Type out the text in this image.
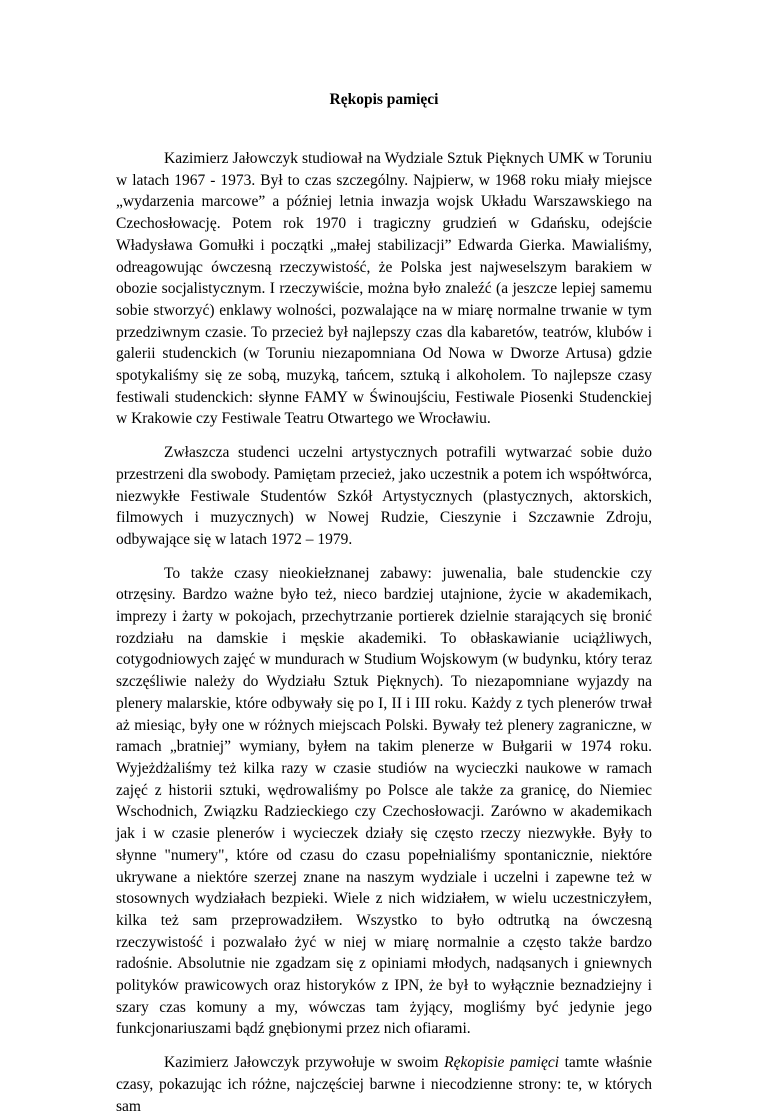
Rękopis pamięci

Kazimierz Jałowczyk studiował na Wydziale Sztuk Pięknych UMK w Toruniu w latach 1967 - 1973. Był to czas szczególny. Najpierw, w 1968 roku miały miejsce „wydarzenia marcowe” a później letnia inwazja wojsk Układu Warszawskiego na Czechosłowację. Potem rok 1970 i tragiczny grudzień w Gdańsku, odejście Władysława Gomułki i początki „małej stabilizacji” Edwarda Gierka. Mawialiśmy, odreagowując ówczesną rzeczywistość, że Polska jest najweselszym barakiem w obozie socjalistycznym. I rzeczywiście, można było znaleźć (a jeszcze lepiej samemu sobie stworzyć) enklawy wolności, pozwalające na w miarę normalne trwanie w tym przedziwnym czasie. To przecież był najlepszy czas dla kabaretów, teatrów, klubów i galerii studenckich (w Toruniu niezapomniana Od Nowa w Dworze Artusa) gdzie spotykaliśmy się ze sobą, muzyką, tańcem, sztuką i alkoholem. To najlepsze czasy festiwali studenckich: słynne FAMY w Świnoujściu, Festiwale Piosenki Studenckiej w Krakowie czy Festiwale Teatru Otwartego we Wrocławiu.

Zwłaszcza studenci uczelni artystycznych potrafili wytwarzać sobie dużo przestrzeni dla swobody. Pamiętam przecież, jako uczestnik a potem ich współtwórca, niezwykłe Festiwale Studentów Szkół Artystycznych (plastycznych, aktorskich, filmowych i muzycznych) w Nowej Rudzie, Cieszynie i Szczawnie Zdroju, odbywające się w latach 1972 – 1979.

To także czasy nieokiełznanej zabawy: juwenalia, bale studenckie czy otrzęsiny. Bardzo ważne było też, nieco bardziej utajnione, życie w akademikach, imprezy i żarty w pokojach, przechytrzanie portierek dzielnie starających się bronić rozdziału na damskie i męskie akademiki. To obłaskawianie uciążliwych, cotygodniowych zajęć w mundurach w Studium Wojskowym (w budynku, który teraz szczęśliwie należy do Wydziału Sztuk Pięknych). To niezapomniane wyjazdy na plenery malarskie, które odbywały się po I, II i III roku. Każdy z tych plenerów trwał aż miesiąc, były one w różnych miejscach Polski. Bywały też plenery zagraniczne, w ramach „bratniej” wymiany, byłem na takim plenerze w Bułgarii w 1974 roku. Wyjeżdżaliśmy też kilka razy w czasie studiów na wycieczki naukowe w ramach zajęć z historii sztuki, wędrowaliśmy po Polsce ale także za granicę, do Niemiec Wschodnich, Związku Radzieckiego czy Czechosłowacji. Zarówno w akademikach jak i w czasie plenerów i wycieczek działy się często rzeczy niezwykłe. Były to słynne "numery", które od czasu do czasu popełnialiśmy spontanicznie, niektóre ukrywane a niektóre szerzej znane na naszym wydziale i uczelni i zapewne też w stosownych wydziałach bezpieki. Wiele z nich widziałem, w wielu uczestniczyłem, kilka też sam przeprowadziłem. Wszystko to było odtrutką na ówczesną rzeczywistość i pozwalało żyć w niej w miarę normalnie a często także bardzo radośnie. Absolutnie nie zgadzam się z opiniami młodych, nadąsanych i gniewnych polityków prawicowych oraz historyków z IPN, że był to wyłącznie beznadziejny i szary czas komuny a my, wówczas tam żyjący, mogliśmy być jedynie jego funkcjonariuszami bądź gnębionymi przez nich ofiarami.

Kazimierz Jałowczyk przywołuje w swoim Rękopisie pamięci tamte właśnie czasy, pokazując ich różne, najczęściej barwne i niecodzienne strony: te, w których sam
